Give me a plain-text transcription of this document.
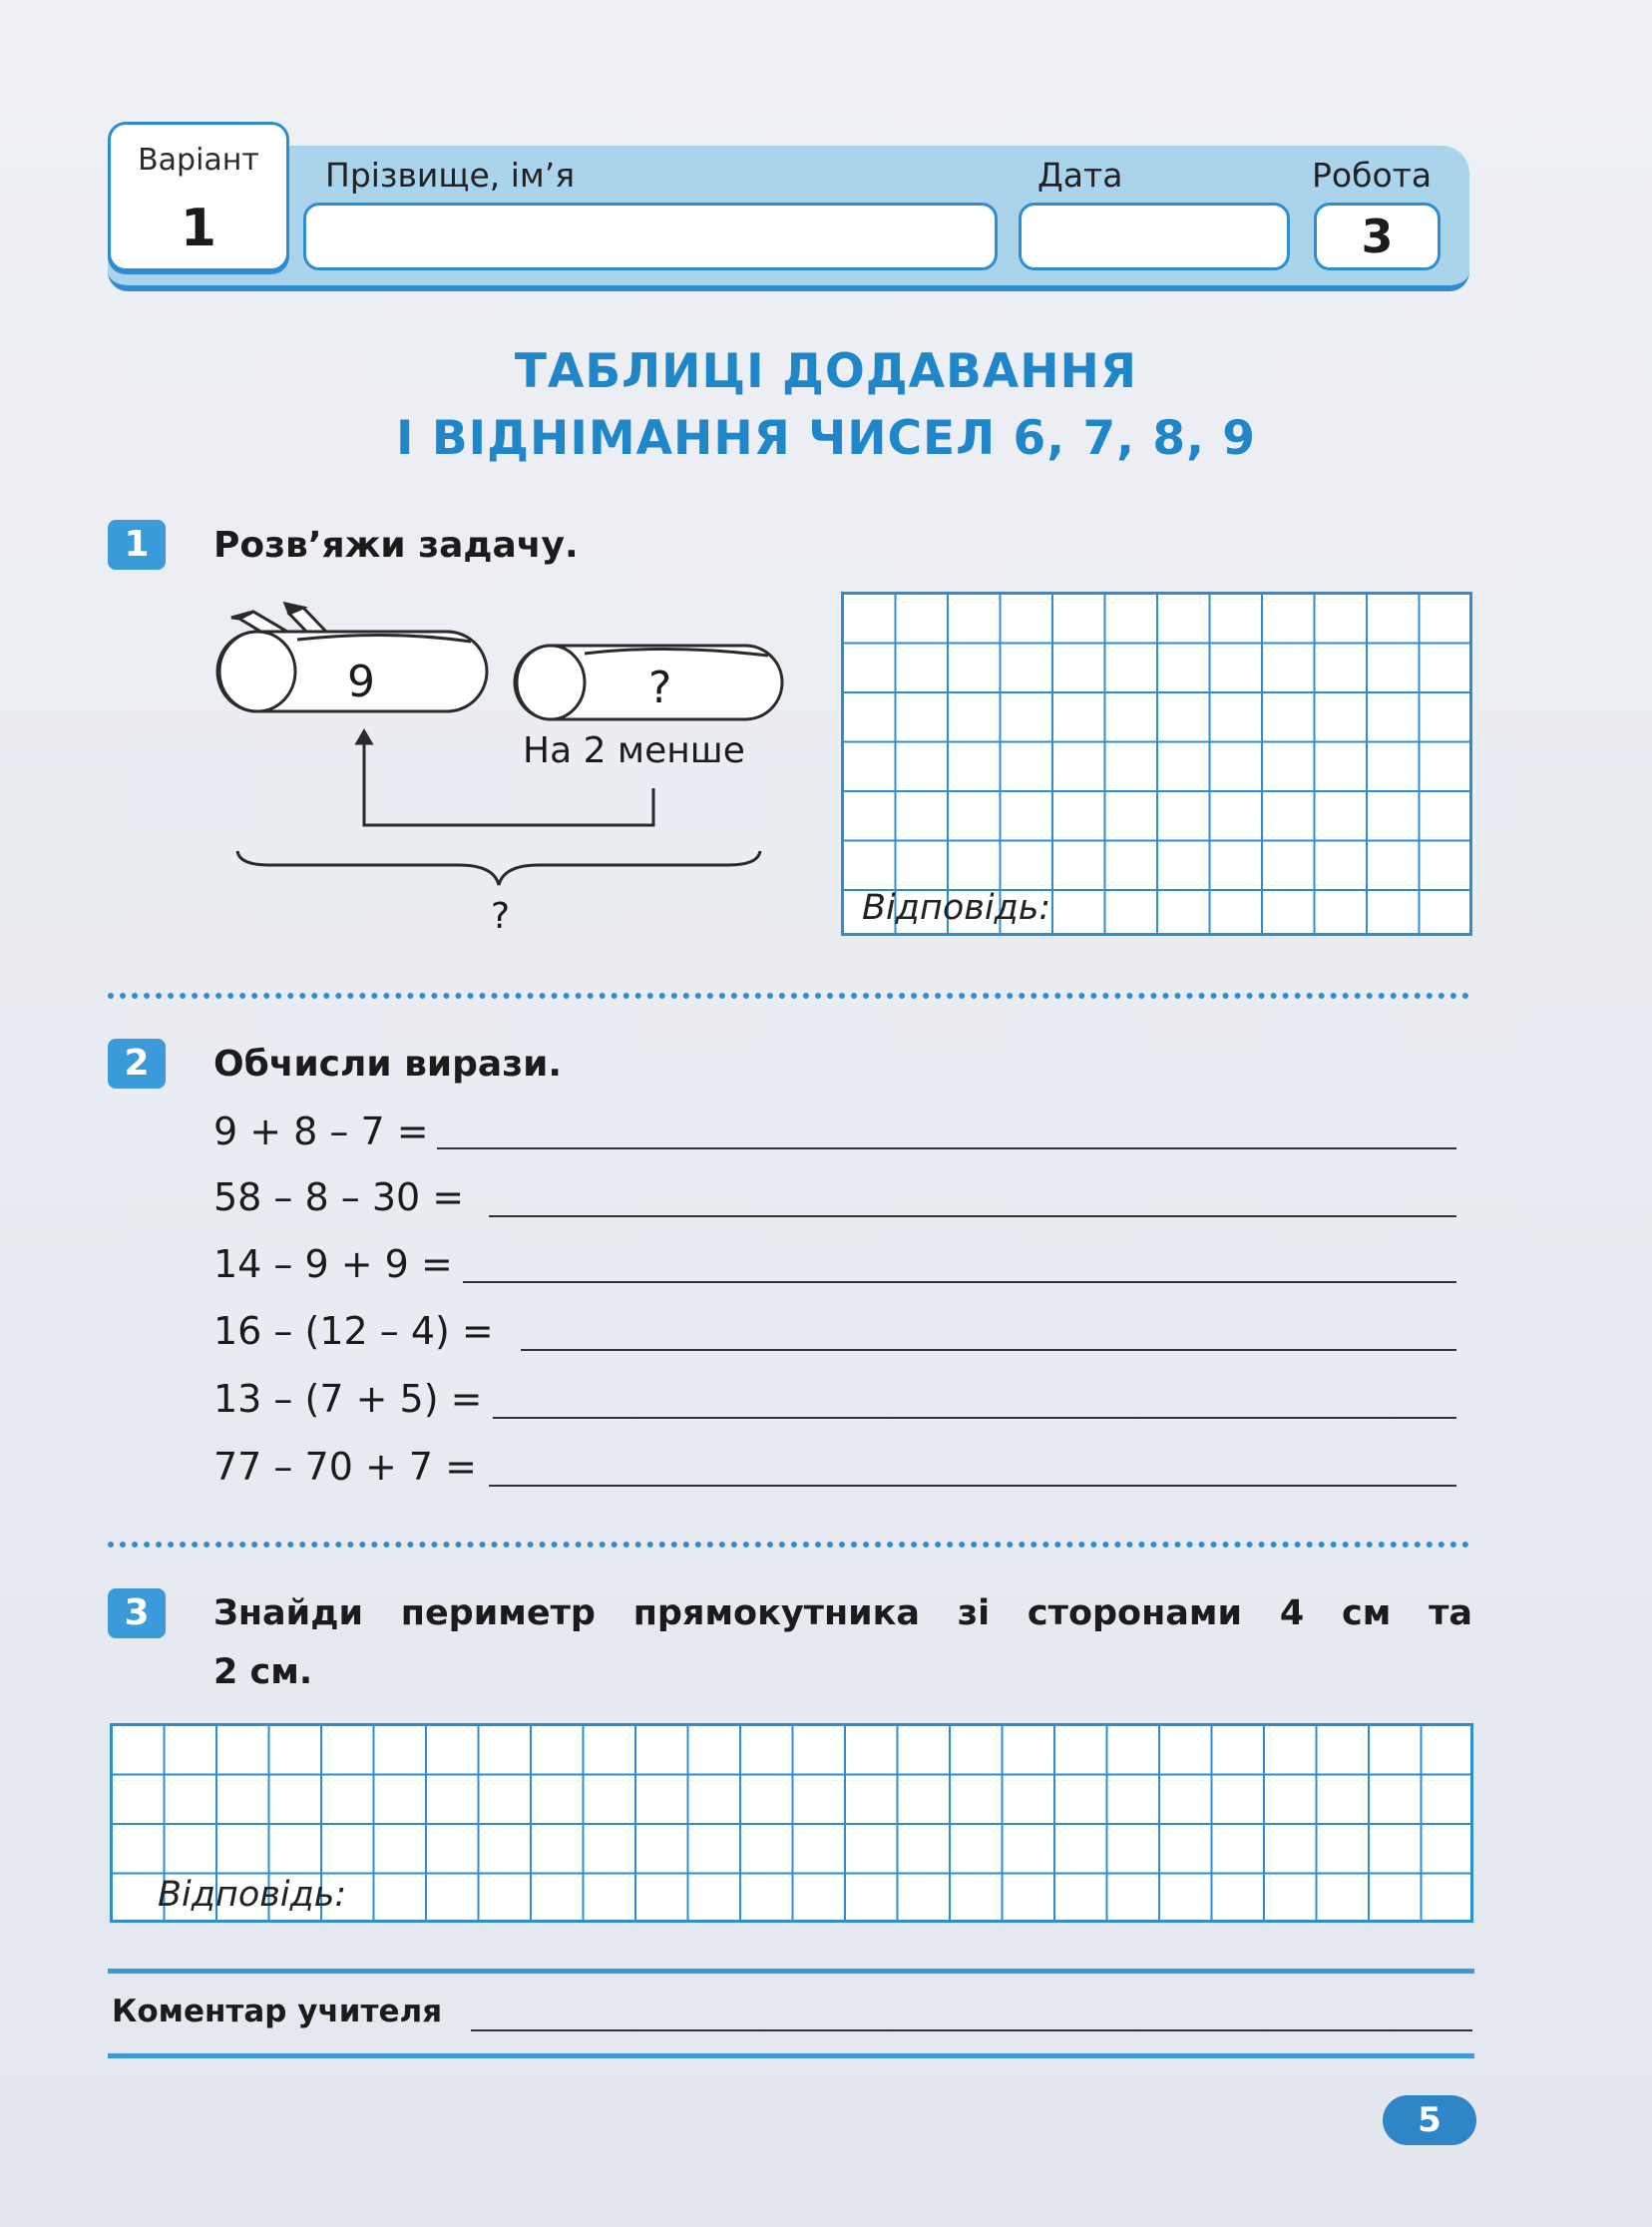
Варіант
1
Прізвище, ім’я	Дата	Робота
3
ТАБЛИЦІ ДОДАВАННЯ
І ВІДНІМАННЯ ЧИСЕЛ 6, 7, 8, 9
1	Розв’яжи задачу.
9	?
На 2 менше
?	Відповідь:
2	Обчисли вирази.
9 + 8 – 7 =
58 – 8 – 30 =
14 – 9 + 9 =
16 – (12 – 4) =
13 – (7 + 5) =
77 – 70 + 7 =
3	Знайди периметр прямокутника зі сторонами 4 см та
2 см.
Відповідь:
Коментар учителя
5
